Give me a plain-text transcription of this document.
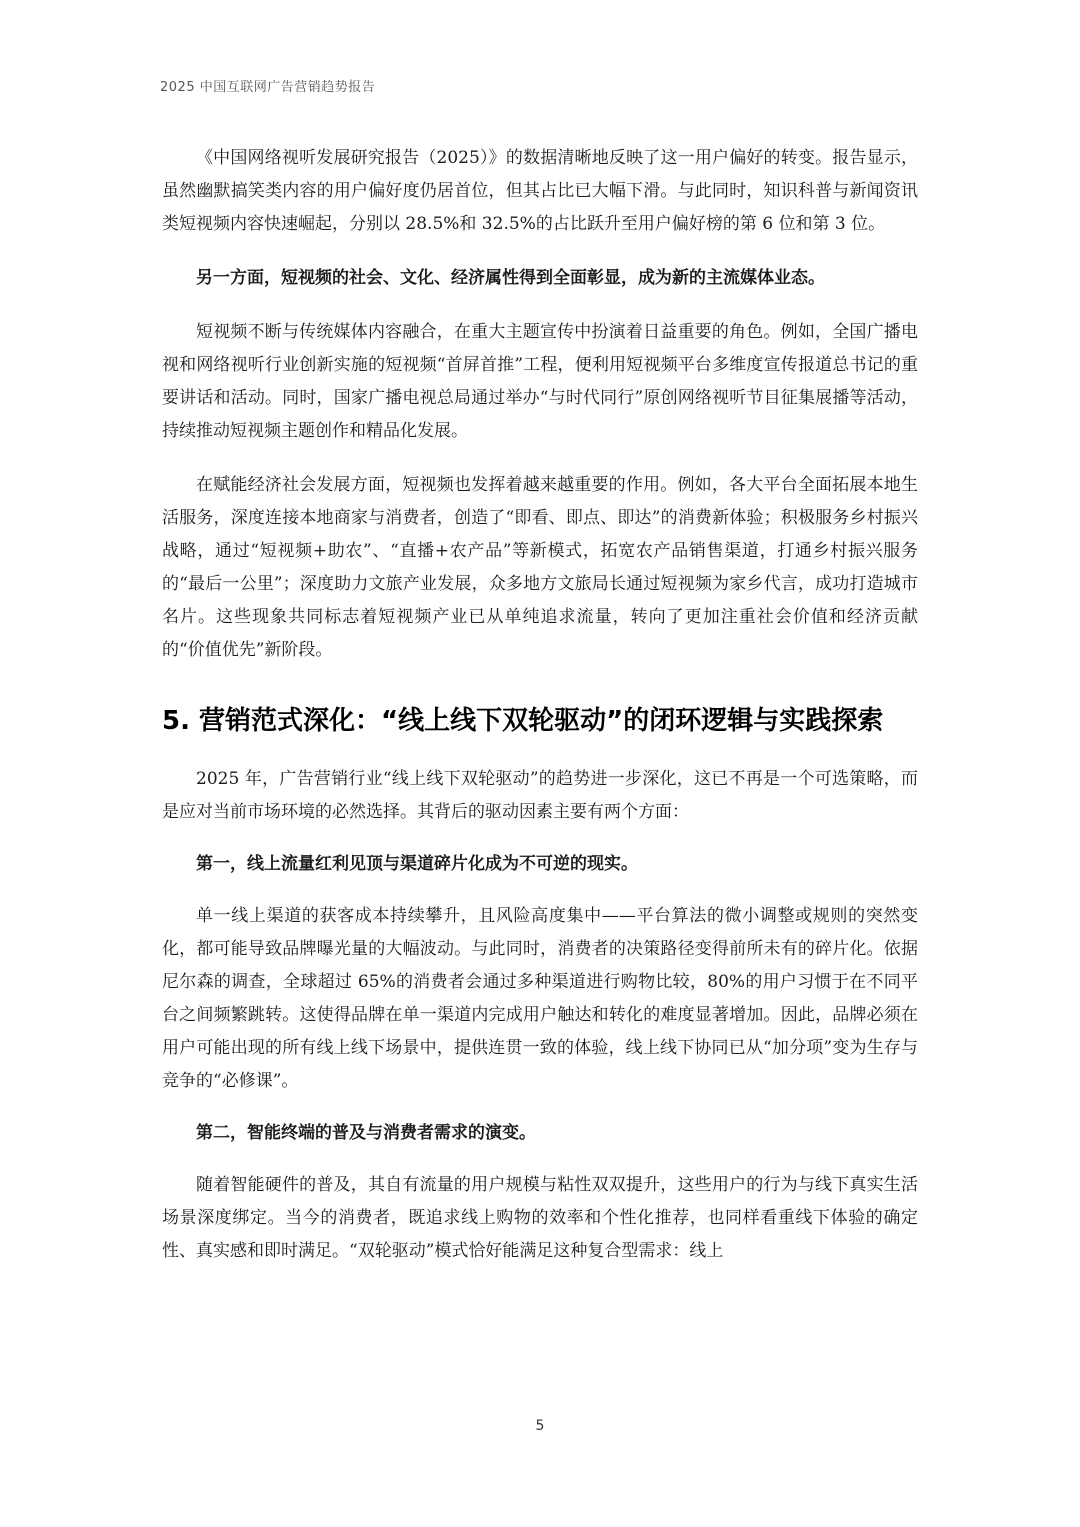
2025 中国互联网广告营销趋势报告

《中国网络视听发展研究报告（2025）》的数据清晰地反映了这一用户偏好的转变。报告显示，虽然幽默搞笑类内容的用户偏好度仍居首位，但其占比已大幅下滑。与此同时，知识科普与新闻资讯类短视频内容快速崛起，分别以 28.5%和 32.5%的占比跃升至用户偏好榜的第 6 位和第 3 位。

另一方面，短视频的社会、文化、经济属性得到全面彰显，成为新的主流媒体业态。

短视频不断与传统媒体内容融合，在重大主题宣传中扮演着日益重要的角色。例如，全国广播电视和网络视听行业创新实施的短视频“首屏首推”工程，便利用短视频平台多维度宣传报道总书记的重要讲话和活动。同时，国家广播电视总局通过举办“与时代同行”原创网络视听节目征集展播等活动，持续推动短视频主题创作和精品化发展。

在赋能经济社会发展方面，短视频也发挥着越来越重要的作用。例如，各大平台全面拓展本地生活服务，深度连接本地商家与消费者，创造了“即看、即点、即达”的消费新体验；积极服务乡村振兴战略，通过“短视频+助农”、“直播+农产品”等新模式，拓宽农产品销售渠道，打通乡村振兴服务的“最后一公里”；深度助力文旅产业发展，众多地方文旅局长通过短视频为家乡代言，成功打造城市名片。这些现象共同标志着短视频产业已从单纯追求流量，转向了更加注重社会价值和经济贡献的“价值优先”新阶段。

5. 营销范式深化：“线上线下双轮驱动”的闭环逻辑与实践探索

2025 年，广告营销行业“线上线下双轮驱动”的趋势进一步深化，这已不再是一个可选策略，而是应对当前市场环境的必然选择。其背后的驱动因素主要有两个方面：

第一，线上流量红利见顶与渠道碎片化成为不可逆的现实。

单一线上渠道的获客成本持续攀升，且风险高度集中——平台算法的微小调整或规则的突然变化，都可能导致品牌曝光量的大幅波动。与此同时，消费者的决策路径变得前所未有的碎片化。依据尼尔森的调查，全球超过 65%的消费者会通过多种渠道进行购物比较，80%的用户习惯于在不同平台之间频繁跳转。这使得品牌在单一渠道内完成用户触达和转化的难度显著增加。因此，品牌必须在用户可能出现的所有线上线下场景中，提供连贯一致的体验，线上线下协同已从“加分项”变为生存与竞争的“必修课”。

第二，智能终端的普及与消费者需求的演变。

随着智能硬件的普及，其自有流量的用户规模与粘性双双提升，这些用户的行为与线下真实生活场景深度绑定。当今的消费者，既追求线上购物的效率和个性化推荐，也同样看重线下体验的确定性、真实感和即时满足。“双轮驱动”模式恰好能满足这种复合型需求：线上

5
